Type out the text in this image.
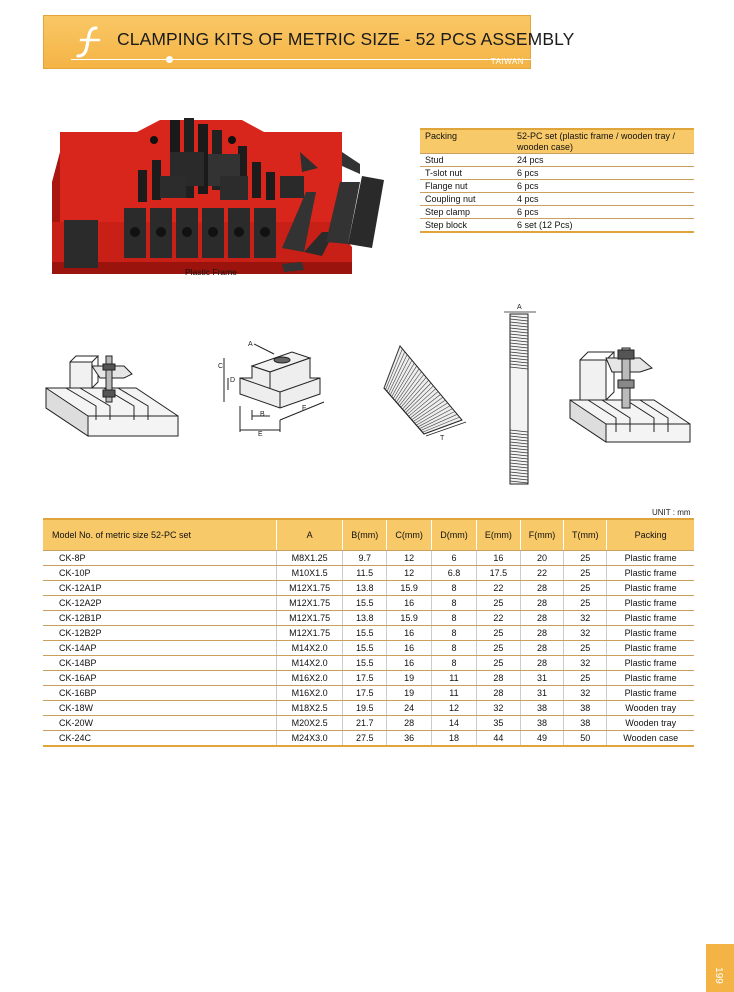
CLAMPING KITS OF METRIC SIZE - 52 PCS ASSEMBLY
TAIWAN
Plastic Frame
Packing	52-PC set (plastic frame / wooden tray / wooden case)
Stud	24 pcs
T-slot nut	6 pcs
Flange nut	6 pcs
Coupling nut	4 pcs
Step clamp	6 pcs
Step block	6 set (12 Pcs)
A
C
D
B
E
F
T
A
UNIT : mm
Model No. of metric size 52-PC set	A	B(mm)	C(mm)	D(mm)	E(mm)	F(mm)	T(mm)	Packing
CK-8P	M8X1.25	9.7	12	6	16	20	25	Plastic frame
CK-10P	M10X1.5	11.5	12	6.8	17.5	22	25	Plastic frame
CK-12A1P	M12X1.75	13.8	15.9	8	22	28	25	Plastic frame
CK-12A2P	M12X1.75	15.5	16	8	25	28	25	Plastic frame
CK-12B1P	M12X1.75	13.8	15.9	8	22	28	32	Plastic frame
CK-12B2P	M12X1.75	15.5	16	8	25	28	32	Plastic frame
CK-14AP	M14X2.0	15.5	16	8	25	28	25	Plastic frame
CK-14BP	M14X2.0	15.5	16	8	25	28	32	Plastic frame
CK-16AP	M16X2.0	17.5	19	11	28	31	25	Plastic frame
CK-16BP	M16X2.0	17.5	19	11	28	31	32	Plastic frame
CK-18W	M18X2.5	19.5	24	12	32	38	38	Wooden tray
CK-20W	M20X2.5	21.7	28	14	35	38	38	Wooden tray
CK-24C	M24X3.0	27.5	36	18	44	49	50	Wooden case
199
